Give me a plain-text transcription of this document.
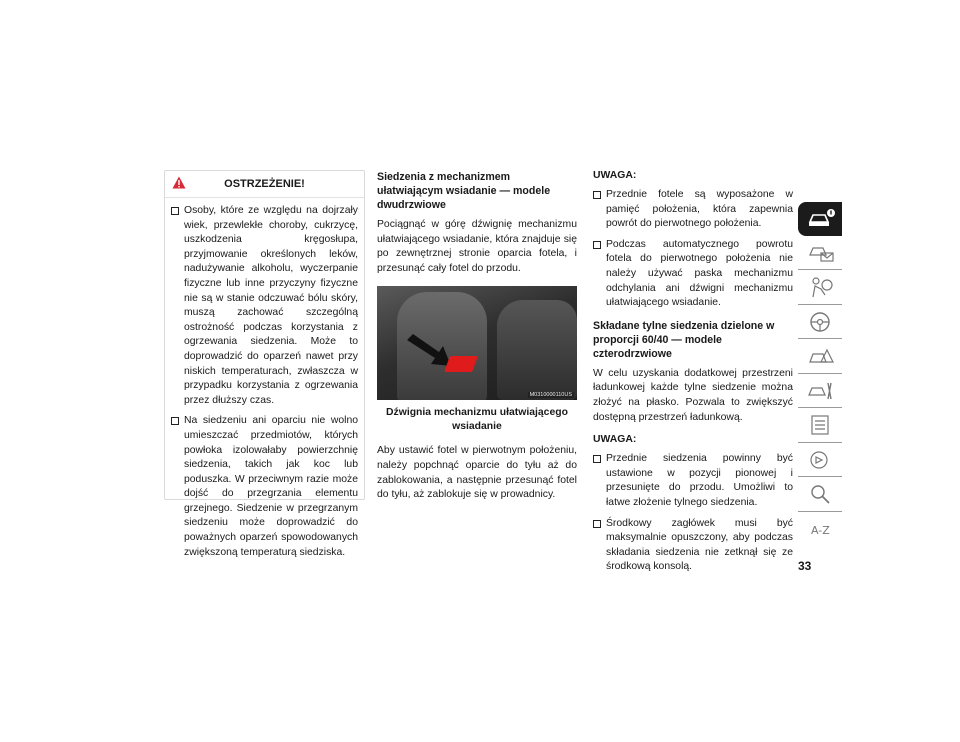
OSTRZEŻENIE!
Osoby, które ze względu na dojrzały wiek, przewlekłe choroby, cukrzycę, uszkodzenia kręgosłupa, przyjmowanie określonych leków, nadużywanie alkoholu, wyczerpanie fizyczne lub inne przyczyny fizyczne nie są w stanie odczuwać bólu skóry, muszą zachować szczególną ostrożność podczas korzystania z ogrzewania siedzenia. Może to doprowadzić do oparzeń nawet przy niskich temperaturach, zwłaszcza w przypadku korzystania z ogrzewania przez dłuższy czas.
Na siedzeniu ani oparciu nie wolno umieszczać przedmiotów, których powłoka izolowałaby powierzchnię siedzenia, takich jak koc lub poduszka. W przeciwnym razie może dojść do przegrzania elementu grzejnego. Siedzenie w przegrzanym siedzeniu może doprowadzić do poważnych oparzeń spowodowanych zwiększoną temperaturą siedziska.
Siedzenia z mechanizmem ułatwiającym wsiadanie — modele dwudrzwiowe

Pociągnąć w górę dźwignię mechanizmu ułatwiającego wsiadanie, która znajduje się po zewnętrznej stronie oparcia fotela, i przesunąć cały fotel do przodu.

M0310000110US
Dźwignia mechanizmu ułatwiającego wsiadanie

Aby ustawić fotel w pierwotnym położeniu, należy popchnąć oparcie do tyłu aż do zablokowania, a następnie przesunąć fotel do tyłu, aż zablokuje się w prowadnicy.

UWAGA:
Przednie fotele są wyposażone w pamięć położenia, która zapewnia powrót do pierwotnego położenia.
Podczas automatycznego powrotu fotela do pierwotnego położenia nie należy używać paska mechanizmu odchylania ani dźwigni mechanizmu ułatwiającego wsiadanie.
Składane tylne siedzenia dzielone w proporcji 60/40 — modele czterodrzwiowe

W celu uzyskania dodatkowej przestrzeni ładunkowej każde tylne siedzenie można złożyć na płasko. Pozwala to zwiększyć dostępną przestrzeń ładunkową.

UWAGA:
Przednie siedzenia powinny być ustawione w pozycji pionowej i przesunięte do przodu. Umożliwi to łatwe złożenie tylnego siedzenia.
Środkowy zagłówek musi być maksymalnie opuszczony, aby podczas składania siedzenia nie zetknął się ze środkową konsolą.
A-Z
33
